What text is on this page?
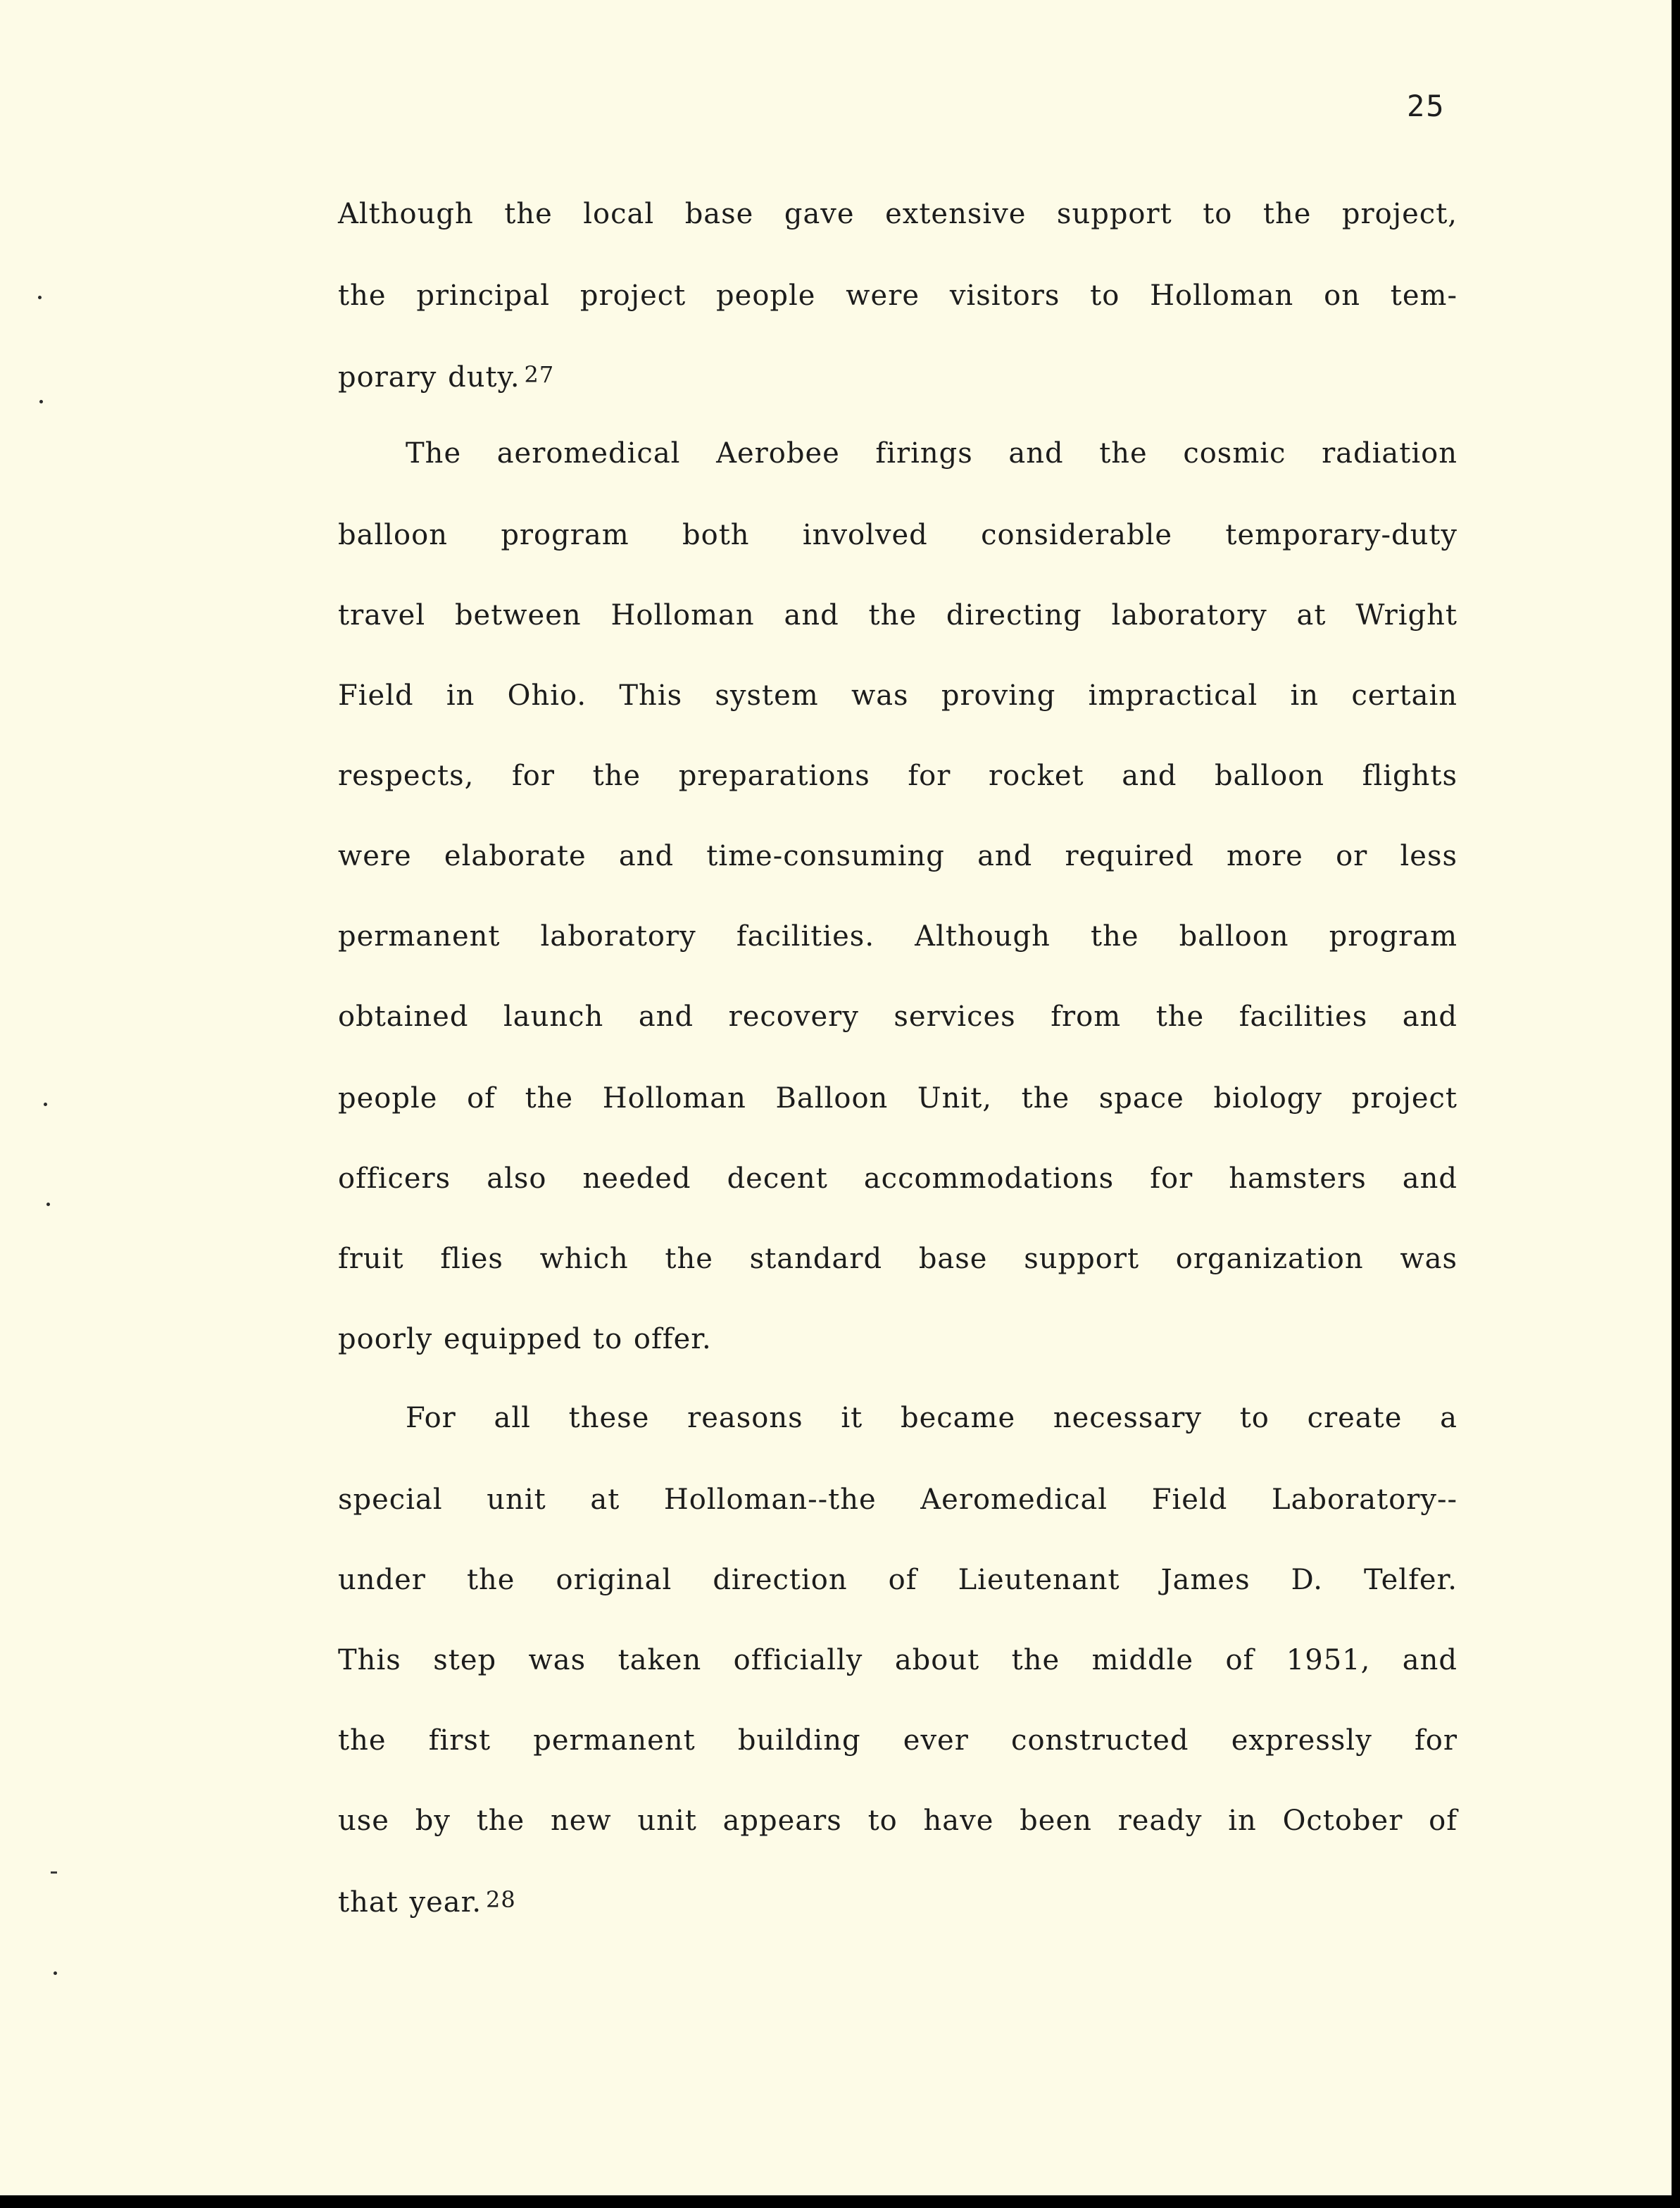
25
Although the local base gave extensive support to the project,
the principal project people were visitors to Holloman on tem-
porary duty. $^{27}$
The aeromedical Aerobee firings and the cosmic radiation
balloon program both involved considerable temporary-duty
travel between Holloman and the directing laboratory at Wright
Field in Ohio. This system was proving impractical in certain
respects, for the preparations for rocket and balloon flights
were elaborate and time-consuming and required more or less
permanent laboratory facilities. Although the balloon program
obtained launch and recovery services from the facilities and
people of the Holloman Balloon Unit, the space biology project
officers also needed decent accommodations for hamsters and
fruit flies which the standard base support organization was
poorly equipped to offer.
For all these reasons it became necessary to create a
special unit at Holloman--the Aeromedical Field Laboratory--
under the original direction of Lieutenant James D. Telfer.
This step was taken officially about the middle of 1951, and
the first permanent building ever constructed expressly for
use by the new unit appears to have been ready in October of
that year. $^{28}$
